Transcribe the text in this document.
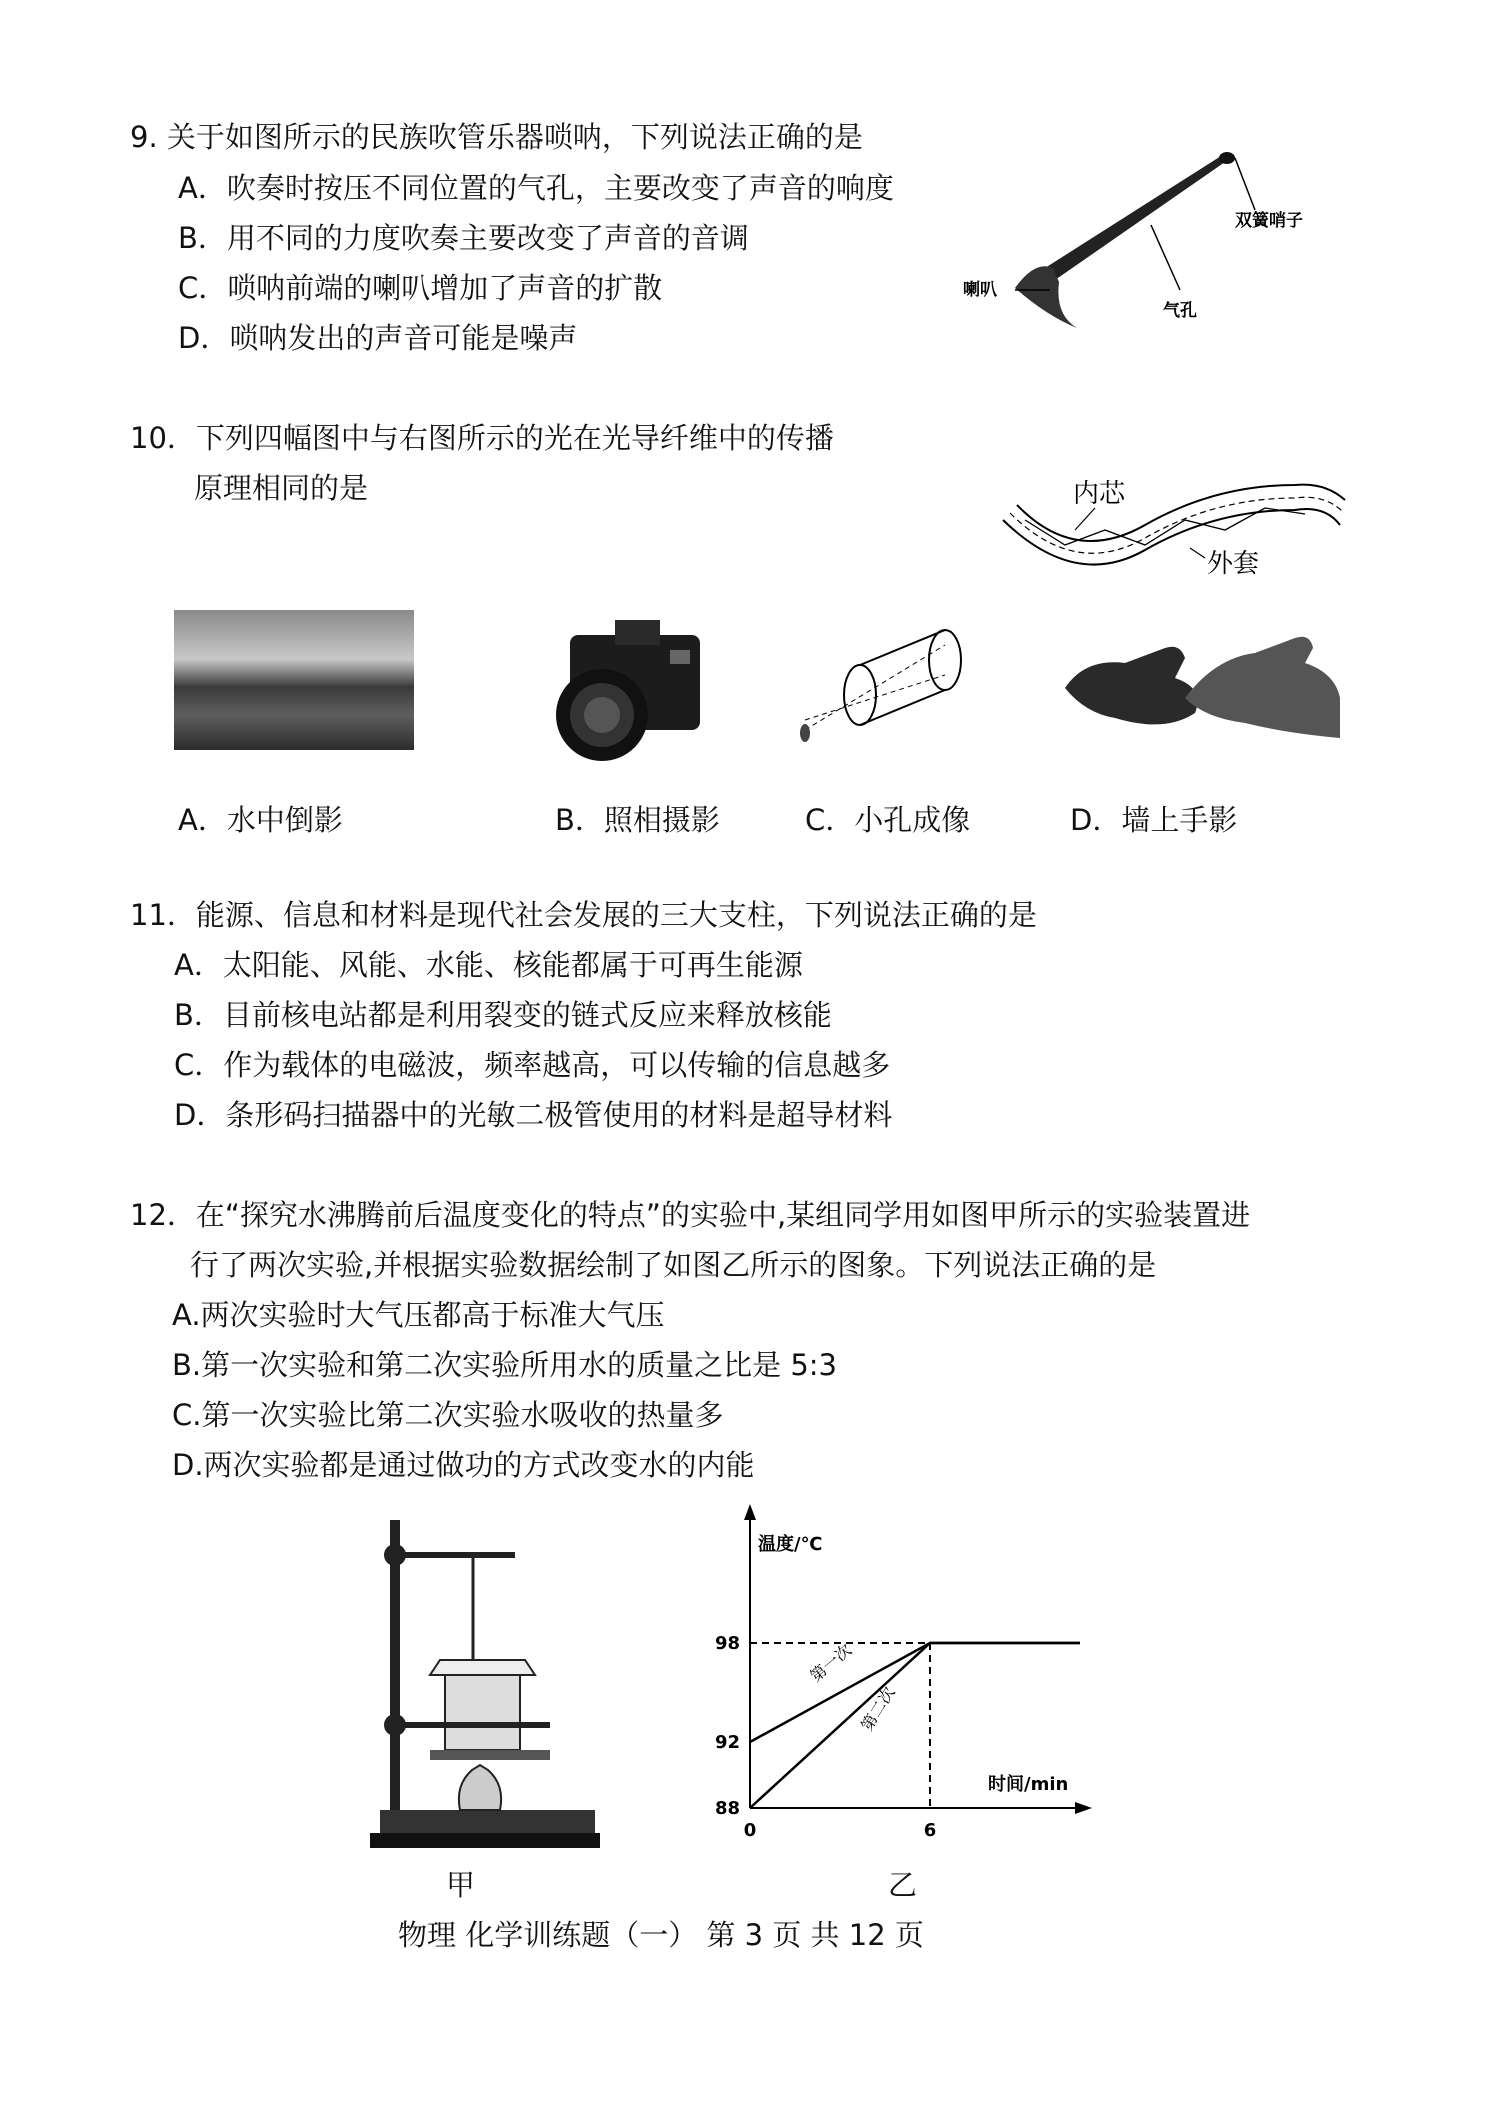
9. 关于如图所示的民族吹管乐器唢呐，下列说法正确的是
A．吹奏时按压不同位置的气孔，主要改变了声音的响度
B．用不同的力度吹奏主要改变了声音的音调
C．唢呐前端的喇叭增加了声音的扩散
D．唢呐发出的声音可能是噪声
双簧哨子
气孔
喇叭
10．下列四幅图中与右图所示的光在光导纤维中的传播
原理相同的是	内芯
外套
A．水中倒影	B．照相摄影	C．小孔成像	D．墙上手影
11．能源、信息和材料是现代社会发展的三大支柱，下列说法正确的是
A．太阳能、风能、水能、核能都属于可再生能源
B．目前核电站都是利用裂变的链式反应来释放核能
C．作为载体的电磁波，频率越高，可以传输的信息越多
D．条形码扫描器中的光敏二极管使用的材料是超导材料
12．在“探究水沸腾前后温度变化的特点”的实验中,某组同学用如图甲所示的实验装置进
行了两次实验,并根据实验数据绘制了如图乙所示的图象。下列说法正确的是
A.两次实验时大气压都高于标准大气压
B.第一次实验和第二次实验所用水的质量之比是 5:3
C.第一次实验比第二次实验水吸收的热量多
D.两次实验都是通过做功的方式改变水的内能
甲
温度/℃
时间/min
88
92
98
0	6
第一次
第二次
乙
物理 化学训练题（一） 第 3 页 共 12 页
